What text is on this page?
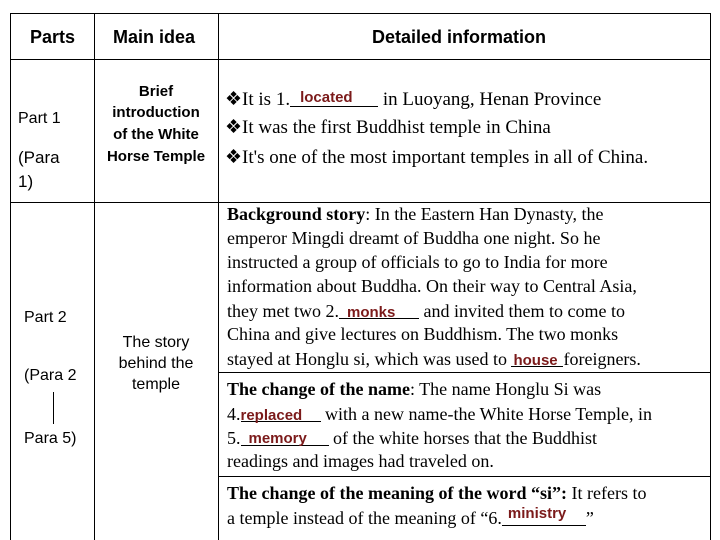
Parts Main idea	Detailed information
Part 1
(Para
1)
Brief
introduction
of the White
Horse Temple
❖It is 1. located in Luoyang, Henan Province
❖It was the first Buddhist temple in China
❖It's one of the most important temples in all of China.
Part 2
(Para 2
Para 5)
The story
behind the
temple
Background story: In the Eastern Han Dynasty, the
emperor Mingdi dreamt of Buddha one night. So he
instructed a group of officials to go to India for more
information about Buddha. On their way to Central Asia,
they met two 2. monks and invited them to come to
China and give lectures on Buddhism. The two monks
stayed at Honglu si, which was used to house foreigners.
The change of the name: The name Honglu Si was
4. replaced with a new name-the White Horse Temple, in
5. memory of the white horses that the Buddhist
readings and images had traveled on.
The change of the meaning of the word “si”: It refers to
a temple instead of the meaning of “6. ministry ”
